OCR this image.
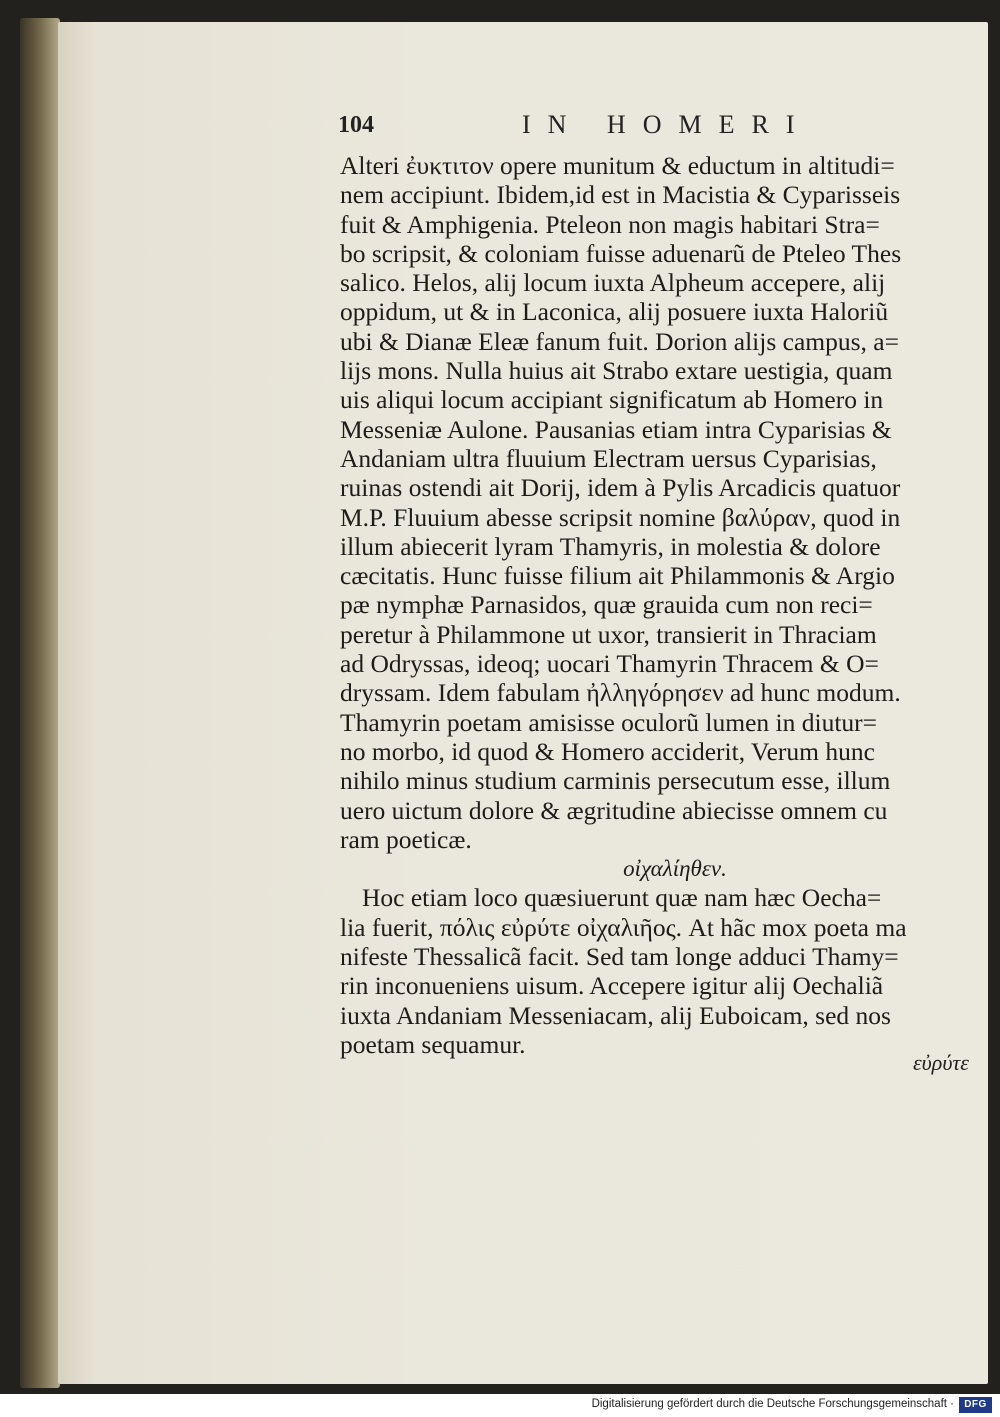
104	IN HOMERI
Alteri ἐυκτιτον opere munitum & eductum in altitudi=
nem accipiunt. Ibidem,id est in Macistia & Cyparisseis
fuit & Amphigenia. Pteleon non magis habitari Stra=
bo scripsit, & coloniam fuisse aduenarũ de Pteleo Thes
salico. Helos, alij locum iuxta Alpheum accepere, alij
oppidum, ut & in Laconica, alij posuere iuxta Haloriũ
ubi & Dianæ Eleæ fanum fuit. Dorion alijs campus, a=
lijs mons. Nulla huius ait Strabo extare uestigia, quam
uis aliqui locum accipiant significatum ab Homero in
Messeniæ Aulone. Pausanias etiam intra Cyparisias &
Andaniam ultra fluuium Electram uersus Cyparisias,
ruinas ostendi ait Dorij, idem à Pylis Arcadicis quatuor
M.P. Fluuium abesse scripsit nomine βαλύραν, quod in
illum abiecerit lyram Thamyris, in molestia & dolore
cæcitatis. Hunc fuisse filium ait Philammonis & Argio
pæ nymphæ Parnasidos, quæ grauida cum non reci=
peretur à Philammone ut uxor, transierit in Thraciam
ad Odryssas, ideoq; uocari Thamyrin Thracem & O=
dryssam. Idem fabulam ἠλληγόρησεν ad hunc modum.
Thamyrin poetam amisisse oculorũ lumen in diutur=
no morbo, id quod & Homero acciderit, Verum hunc
nihilo minus studium carminis persecutum esse, illum
uero uictum dolore & ægritudine abiecisse omnem cu
ram poeticæ.
οἰχαλίηθεν.
Hoc etiam loco quæsiuerunt quæ nam hæc Oecha=
lia fuerit, πόλις εὐρύτε οἰχαλιῆος. At hãc mox poeta ma
nifeste Thessalicã facit. Sed tam longe adduci Thamy=
rin inconueniens uisum. Accepere igitur alij Oechaliã
iuxta Andaniam Messeniacam, alij Euboicam, sed nos
poetam sequamur.
εὐρύτε
Digitalisierung gefördert durch die Deutsche Forschungsgemeinschaft ·	DFG
